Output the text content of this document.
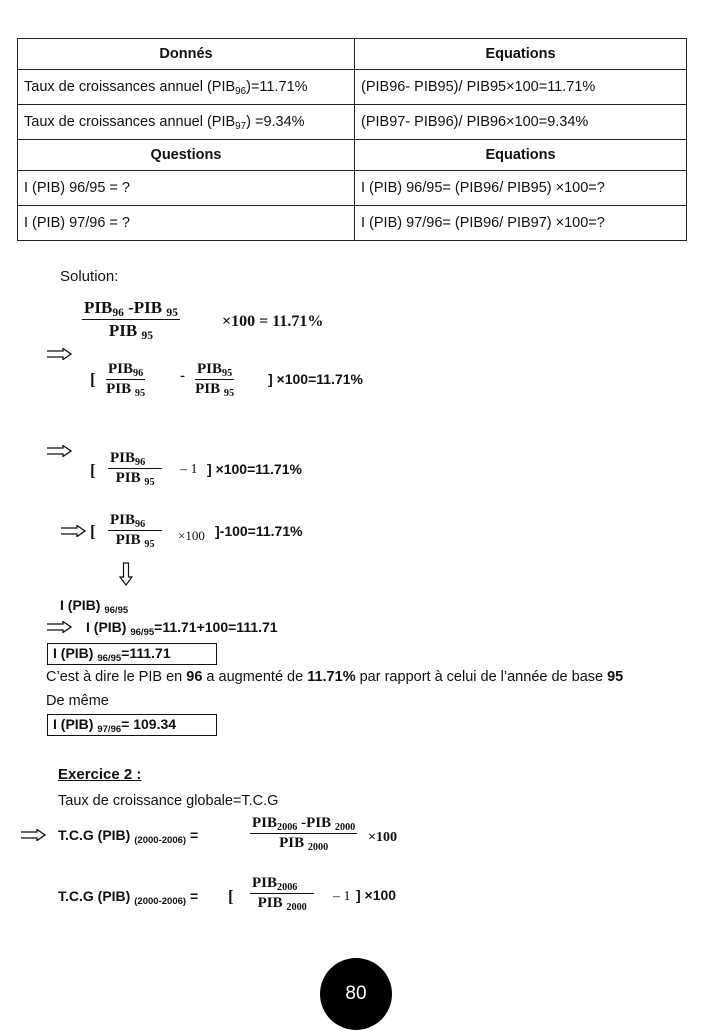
Donnés	Equations
Taux de croissances annuel $(PIB_{96})=11.71\%$	(PIB96- PIB95)/ PIB95×100=11.71%
Taux de croissances annuel $(PIB_{97}) =9.34\%$	(PIB97- PIB96)/ PIB96×100=9.34%
Questions	Equations
I (PIB) 96/95 = ?	I (PIB) 96/95= (PIB96/ PIB95) ×100=?
I (PIB) 97/96 = ?	I (PIB) 97/96= (PIB96/ PIB97) ×100=?
Solution:
$PIB_{96}$ -PIB $_{95}$
PIB $_{95}$
×100 = 11.71%
[
$PIB_{96}$
PIB $_{95}$
- $PIB_{95}$
PIB $_{95}$
] ×100=11.71%
[
$PIB_{96}$
PIB $_{95}$
– 1 ] ×100=11.71%
[
$PIB_{96}$
PIB $_{95}$
×100 ]-100=11.71%
I (PIB) $_{96/95}$
I (PIB) $_{96/95}$=11.71+100=111.71
I (PIB) $_{96/95}$=111.71
C’est à dire le PIB en 96 a augmenté de 11.71% par rapport à celui de l’année de base 95
De même
I (PIB) $_{97/96}$= 109.34
Exercice 2 :
Taux de croissance globale=T.C.G
T.C.G (PIB) $_{(2000-2006)}$ =
$PIB_{2006}$ -PIB $_{2000}$
PIB $_{2000}$
×100
T.C.G (PIB) $_{(2000-2006)}$ = [
$PIB_{2006}$
PIB $_{2000}$
– 1 ] ×100
80
